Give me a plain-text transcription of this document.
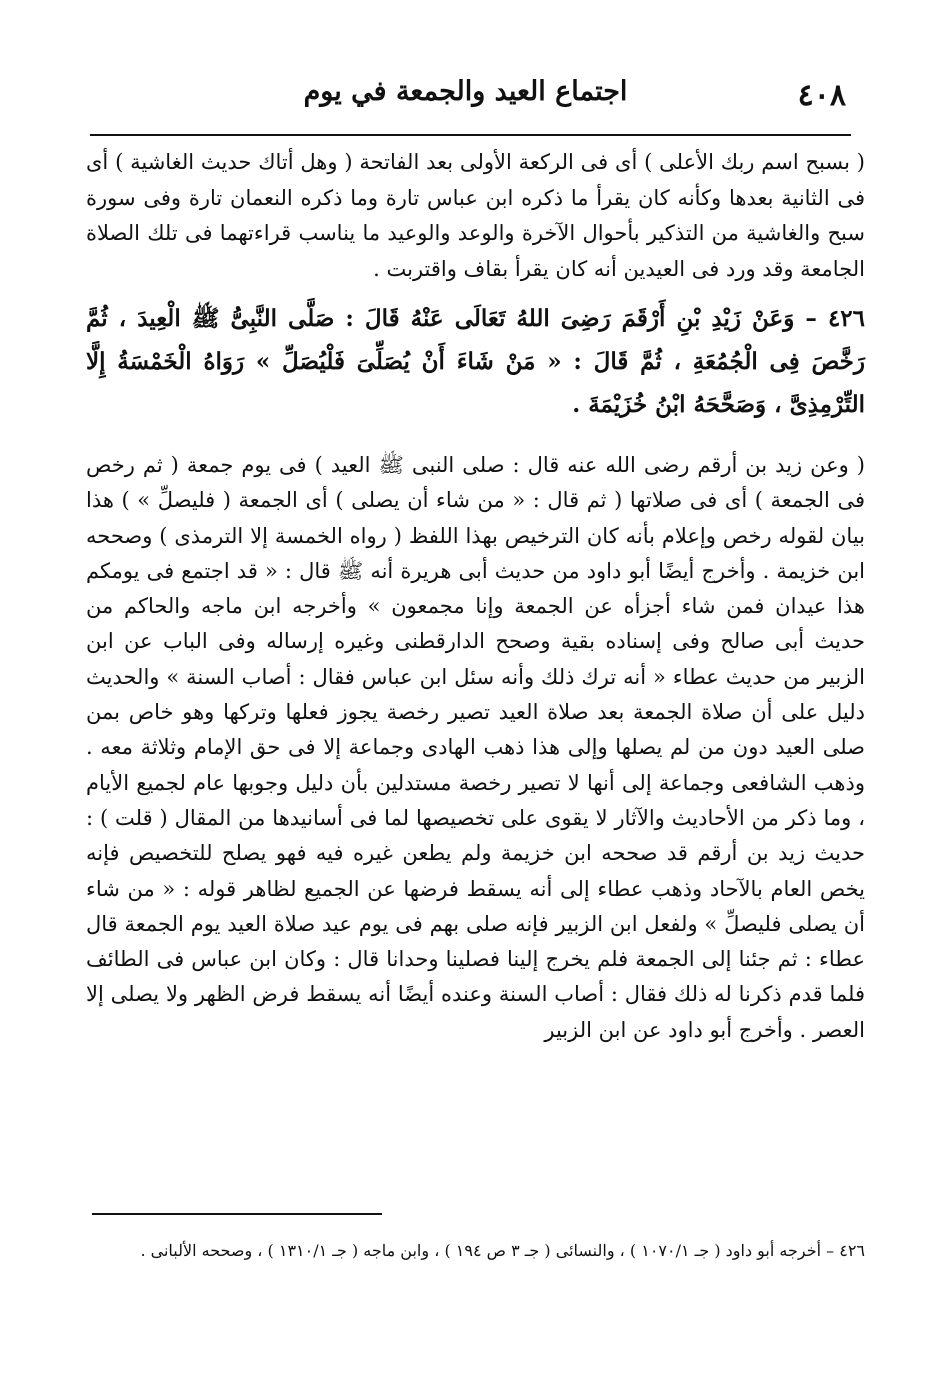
٤٠٨
اجتماع العيد والجمعة في يوم

( بسبح اسم ربك الأعلى ) أى فى الركعة الأولى بعد الفاتحة ( وهل أتاك حديث الغاشية ) أى فى الثانية بعدها وكأنه كان يقرأ ما ذكره ابن عباس تارة وما ذكره النعمان تارة وفى سورة سبح والغاشية من التذكير بأحوال الآخرة والوعد والوعيد ما يناسب قراءتهما فى تلك الصلاة الجامعة وقد ورد فى العيدين أنه كان يقرأ بقاف واقتربت .

٤٢٦ – وَعَنْ زَيْدِ بْنِ أَرْقَمَ رَضِىَ اللهُ تَعَالَى عَنْهُ قَالَ : صَلَّى النَّبِىُّ ﷺ الْعِيدَ ، ثُمَّ رَخَّصَ فِى الْجُمُعَةِ ، ثُمَّ قَالَ : « مَنْ شَاءَ أَنْ يُصَلِّىَ فَلْيُصَلِّ » رَوَاهُ الْخَمْسَةُ إِلَّا التِّرْمِذِىَّ ، وَصَحَّحَهُ ابْنُ خُزَيْمَةَ .

( وعن زيد بن أرقم رضى الله عنه قال : صلى النبى ﷺ العيد ) فى يوم جمعة ( ثم رخص فى الجمعة ) أى فى صلاتها ( ثم قال : « من شاء أن يصلى ) أى الجمعة ( فليصلِّ » ) هذا بيان لقوله رخص وإعلام بأنه كان الترخيص بهذا اللفظ ( رواه الخمسة إلا الترمذى ) وصححه ابن خزيمة . وأخرج أيضًا أبو داود من حديث أبى هريرة أنه ﷺ قال : « قد اجتمع فى يومكم هذا عيدان فمن شاء أجزأه عن الجمعة وإنا مجمعون » وأخرجه ابن ماجه والحاكم من حديث أبى صالح وفى إسناده بقية وصحح الدارقطنى وغيره إرساله وفى الباب عن ابن الزبير من حديث عطاء « أنه ترك ذلك وأنه سئل ابن عباس فقال : أصاب السنة » والحديث دليل على أن صلاة الجمعة بعد صلاة العيد تصير رخصة يجوز فعلها وتركها وهو خاص بمن صلى العيد دون من لم يصلها وإلى هذا ذهب الهادى وجماعة إلا فى حق الإمام وثلاثة معه . وذهب الشافعى وجماعة إلى أنها لا تصير رخصة مستدلين بأن دليل وجوبها عام لجميع الأيام ، وما ذكر من الأحاديث والآثار لا يقوى على تخصيصها لما فى أسانيدها من المقال ( قلت ) : حديث زيد بن أرقم قد صححه ابن خزيمة ولم يطعن غيره فيه فهو يصلح للتخصيص فإنه يخص العام بالآحاد وذهب عطاء إلى أنه يسقط فرضها عن الجميع لظاهر قوله : « من شاء أن يصلى فليصلِّ » ولفعل ابن الزبير فإنه صلى بهم فى يوم عيد صلاة العيد يوم الجمعة قال عطاء : ثم جئنا إلى الجمعة فلم يخرج إلينا فصلينا وحدانا قال : وكان ابن عباس فى الطائف فلما قدم ذكرنا له ذلك فقال : أصاب السنة وعنده أيضًا أنه يسقط فرض الظهر ولا يصلى إلا العصر . وأخرج أبو داود عن ابن الزبير

٤٢٦ – أخرجه أبو داود ( جـ ١٠٧٠/١ ) ، والنسائى ( جـ ٣ ص ١٩٤ ) ، وابن ماجه ( جـ ١٣١٠/١ ) ، وصححه الألبانى .
